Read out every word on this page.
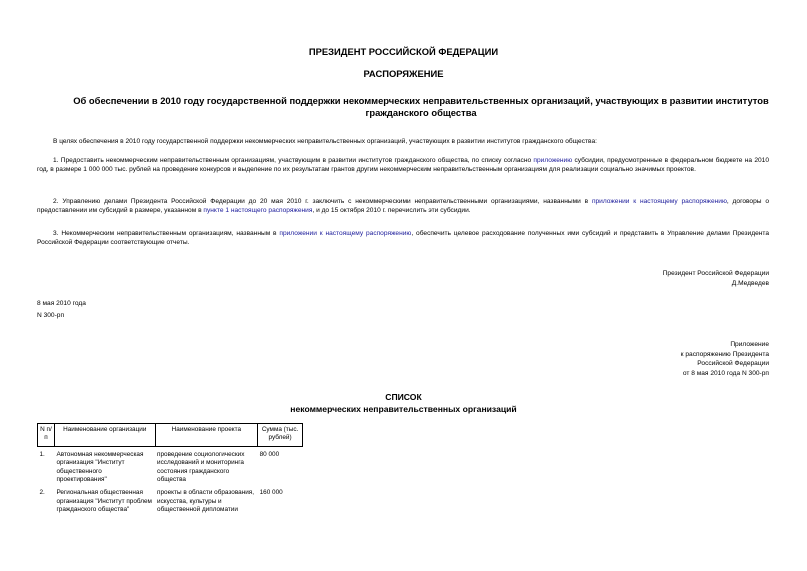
ПРЕЗИДЕНТ РОССИЙСКОЙ ФЕДЕРАЦИИ
РАСПОРЯЖЕНИЕ
Об обеспечении в 2010 году государственной поддержки некоммерческих неправительственных организаций, участвующих в развитии институтов гражданского общества
В целях обеспечения в 2010 году государственной поддержки некоммерческих неправительственных организаций, участвующих в развитии институтов гражданского общества:
1. Предоставить некоммерческим неправительственным организациям, участвующим в развитии институтов гражданского общества, по списку согласно приложению субсидии, предусмотренные в федеральном бюджете на 2010 год, в размере 1 000 000 тыс. рублей на проведение конкурсов и выделение по их результатам грантов другим некоммерческим неправительственным организациям для реализации социально значимых проектов.
2. Управлению делами Президента Российской Федерации до 20 мая 2010 г. заключить с некоммерческими неправительственными организациями, названными в приложении к настоящему распоряжению, договоры о предоставлении им субсидий в размере, указанном в пункте 1 настоящего распоряжения, и до 15 октября 2010 г. перечислить эти субсидии.
3. Некоммерческим неправительственным организациям, названным в приложении к настоящему распоряжению, обеспечить целевое расходование полученных ими субсидий и представить в Управление делами Президента Российской Федерации соответствующие отчеты.
Президент Российской Федерации
Д.Медведев
8 мая 2010 года
N 300-рп
Приложение
к распоряжению Президента
Российской Федерации
от 8 мая 2010 года N 300-рп
СПИСОК
некоммерческих неправительственных организаций
N п/п	Наименование организации	Наименование проекта	Сумма (тыс. рублей)
1.	Автономная некоммерческая организация "Институт общественного проектирования"	проведение социологических исследований и мониторинга состояния гражданского общества	80 000
2.	Региональная общественная организация "Институт проблем гражданского общества"	проекты в области образования, искусства, культуры и общественной дипломатии	160 000
